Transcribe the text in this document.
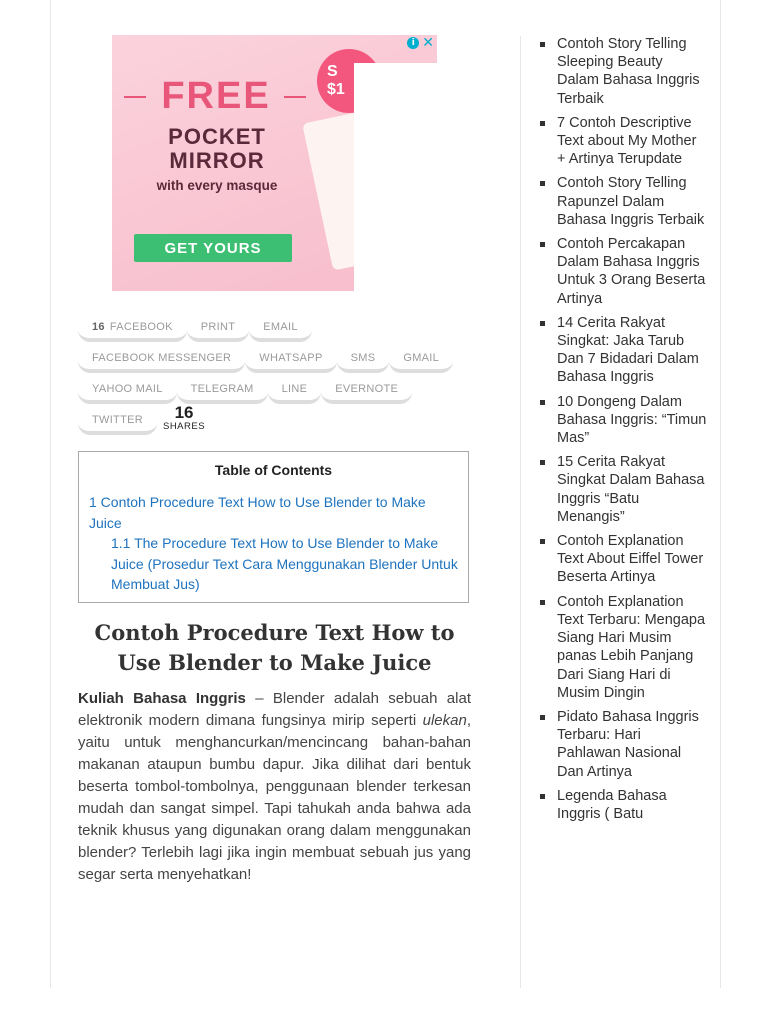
FREE
POCKET
MIRROR
with every masque
GET YOURS
S
$1
i ✕
16 FACEBOOK	PRINT	EMAIL
FACEBOOK MESSENGER	WHATSAPP	SMS	GMAIL
YAHOO MAIL	TELEGRAM	LINE	EVERNOTE
TWITTER	16
SHARES
Table of Contents
1 Contoh Procedure Text How to Use Blender to Make Juice
1.1 The Procedure Text How to Use Blender to Make Juice (Prosedur Text Cara Menggunakan Blender Untuk Membuat Jus)
Contoh Procedure Text How to Use Blender to Make Juice

Kuliah Bahasa Inggris – Blender adalah sebuah alat elektronik modern dimana fungsinya mirip seperti ulekan, yaitu untuk menghancurkan/mencincang bahan-bahan makanan ataupun bumbu dapur. Jika dilihat dari bentuk beserta tombol-tombolnya, penggunaan blender terkesan mudah dan sangat simpel. Tapi tahukah anda bahwa ada teknik khusus yang digunakan orang dalam menggunakan blender? Terlebih lagi jika ingin membuat sebuah jus yang segar serta menyehatkan!

Contoh Story Telling Sleeping Beauty Dalam Bahasa Inggris Terbaik
7 Contoh Descriptive Text about My Mother + Artinya Terupdate
Contoh Story Telling Rapunzel Dalam Bahasa Inggris Terbaik
Contoh Percakapan Dalam Bahasa Inggris Untuk 3 Orang Beserta Artinya
14 Cerita Rakyat Singkat: Jaka Tarub Dan 7 Bidadari Dalam Bahasa Inggris
10 Dongeng Dalam Bahasa Inggris: “Timun Mas”
15 Cerita Rakyat Singkat Dalam Bahasa Inggris “Batu Menangis”
Contoh Explanation Text About Eiffel Tower Beserta Artinya
Contoh Explanation Text Terbaru: Mengapa Siang Hari Musim panas Lebih Panjang Dari Siang Hari di Musim Dingin
Pidato Bahasa Inggris Terbaru: Hari Pahlawan Nasional Dan Artinya
Legenda Bahasa Inggris ( Batu
